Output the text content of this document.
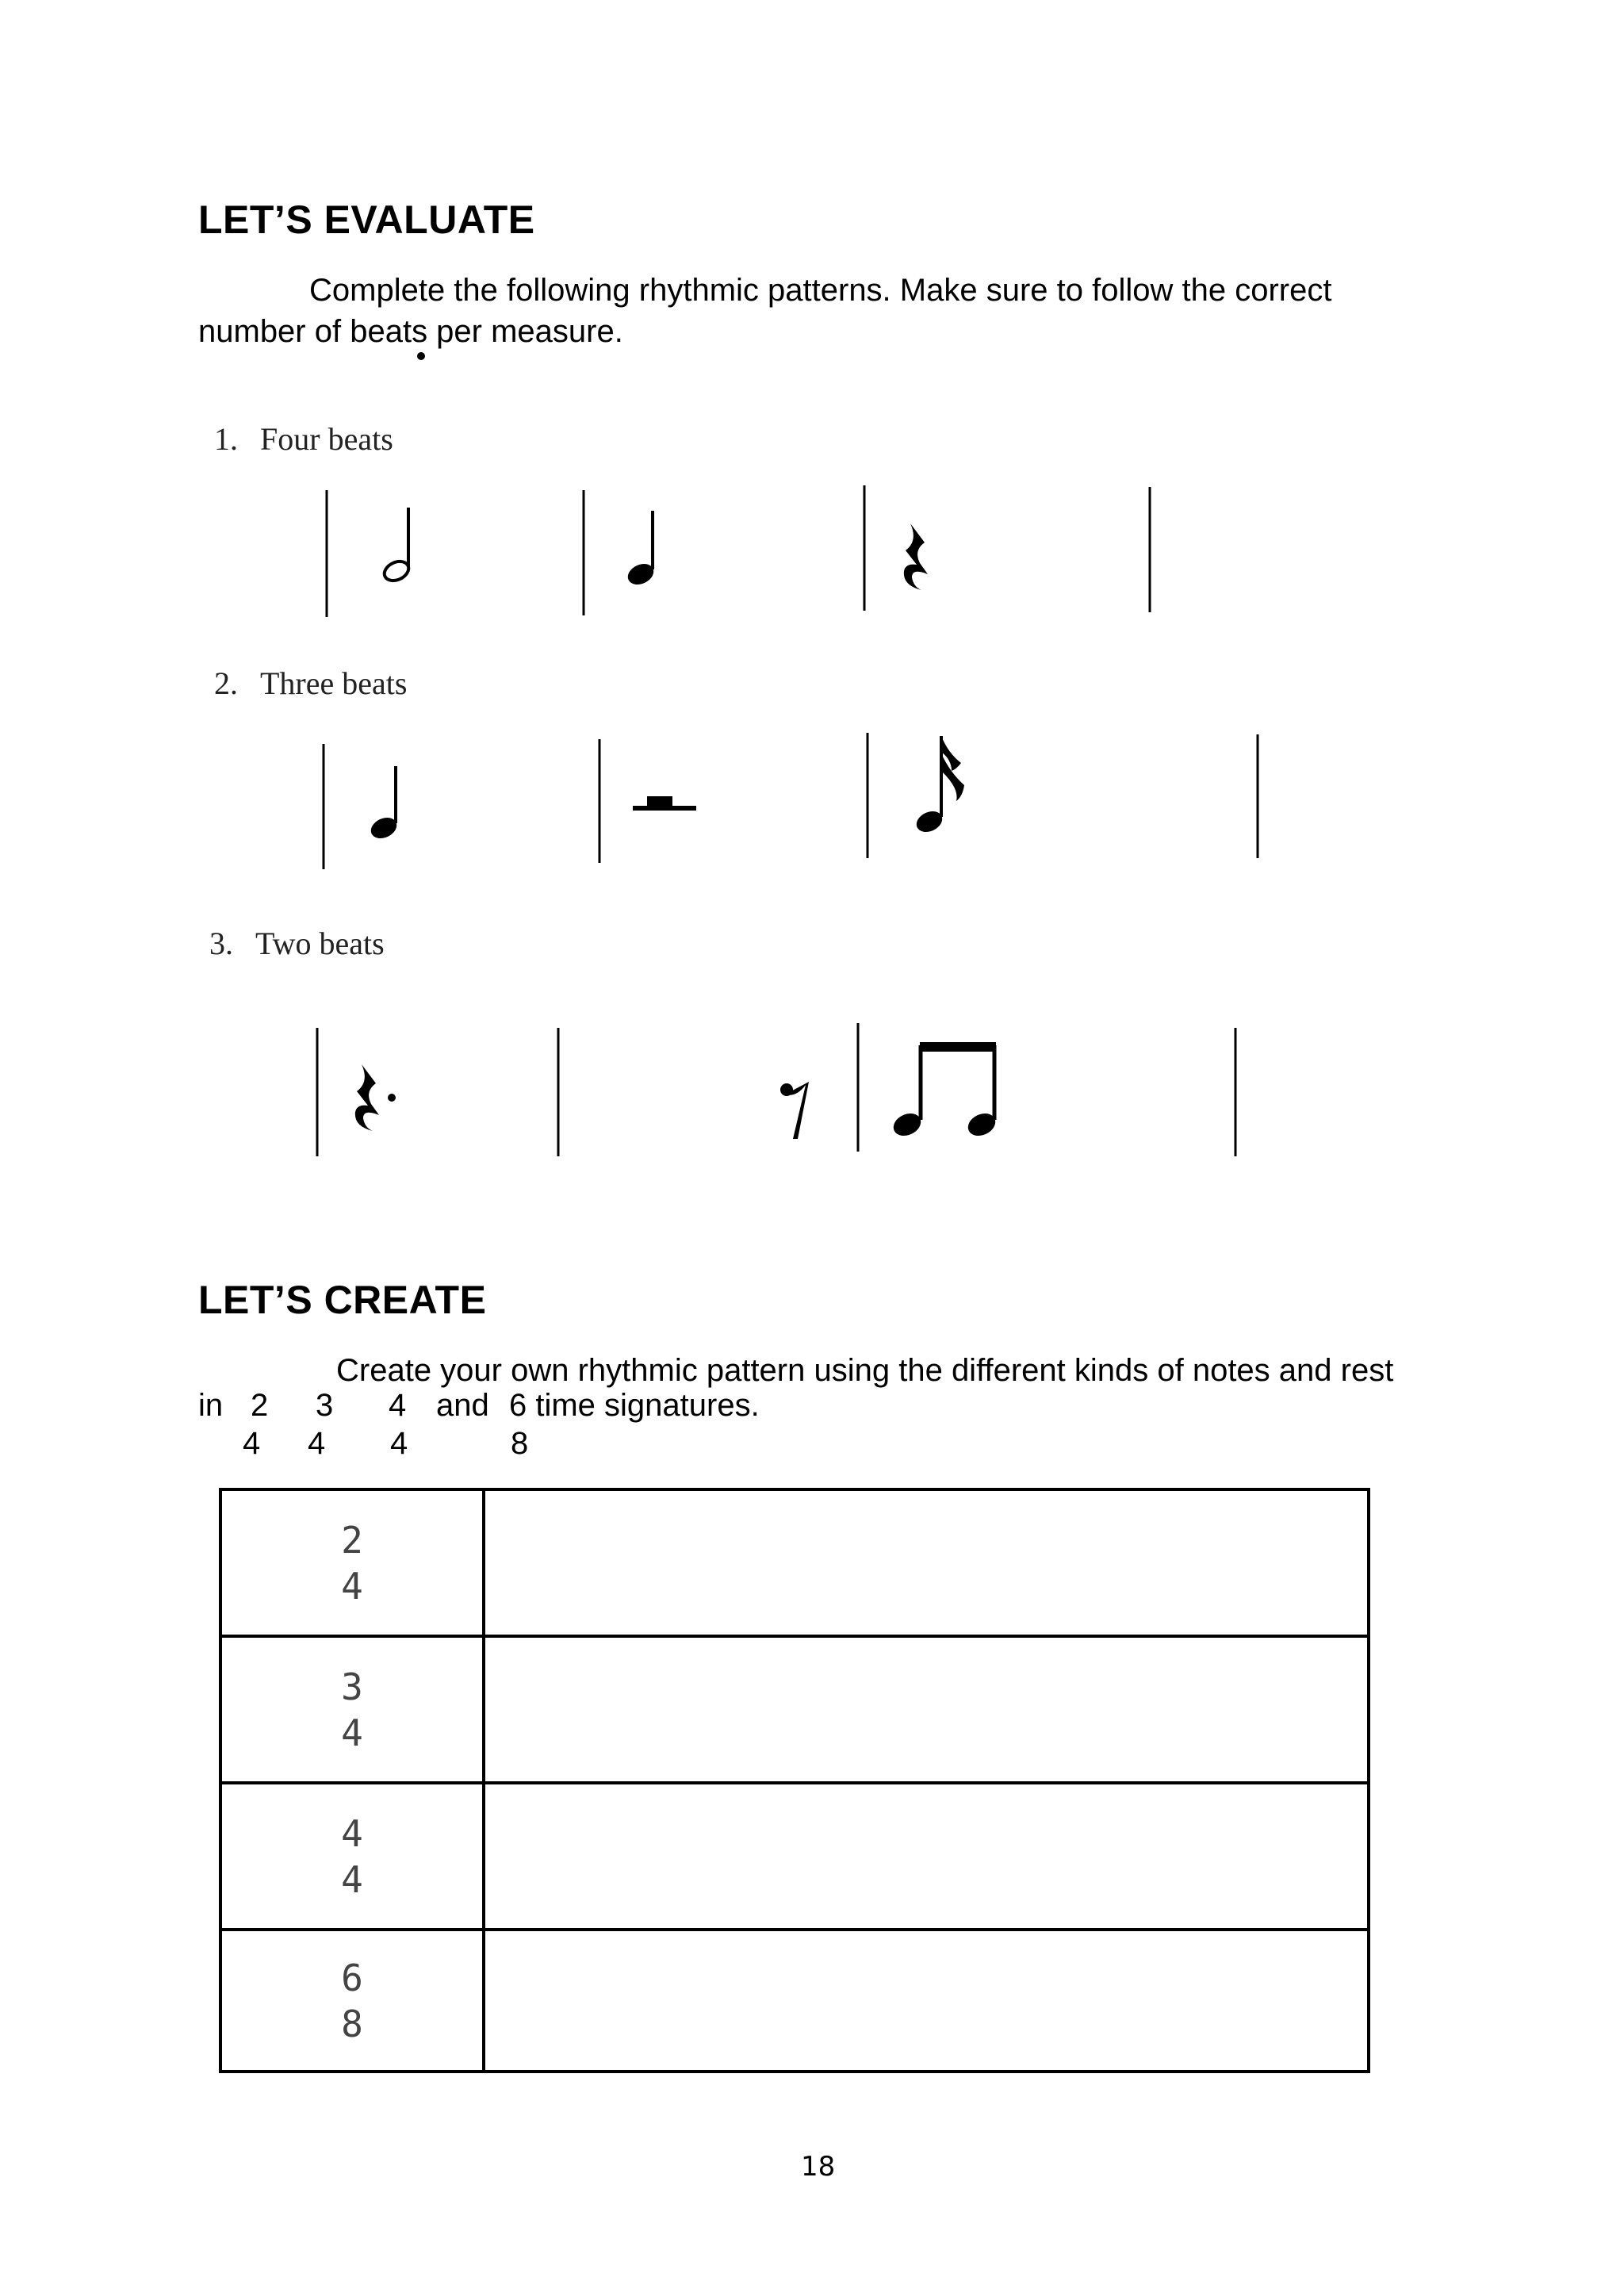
LET’S EVALUATE

Complete the following rhythmic patterns. Make sure to follow the correct

number of beats per measure.

1. Four beats
2. Three beats
3. Two beats
LET’S CREATE

Create your own rhythmic pattern using the different kinds of notes and rest

in 2 3 4 and 6 time signatures.
4 4 4	8
2
4	

3
4	

4
4	

6
8	

18
